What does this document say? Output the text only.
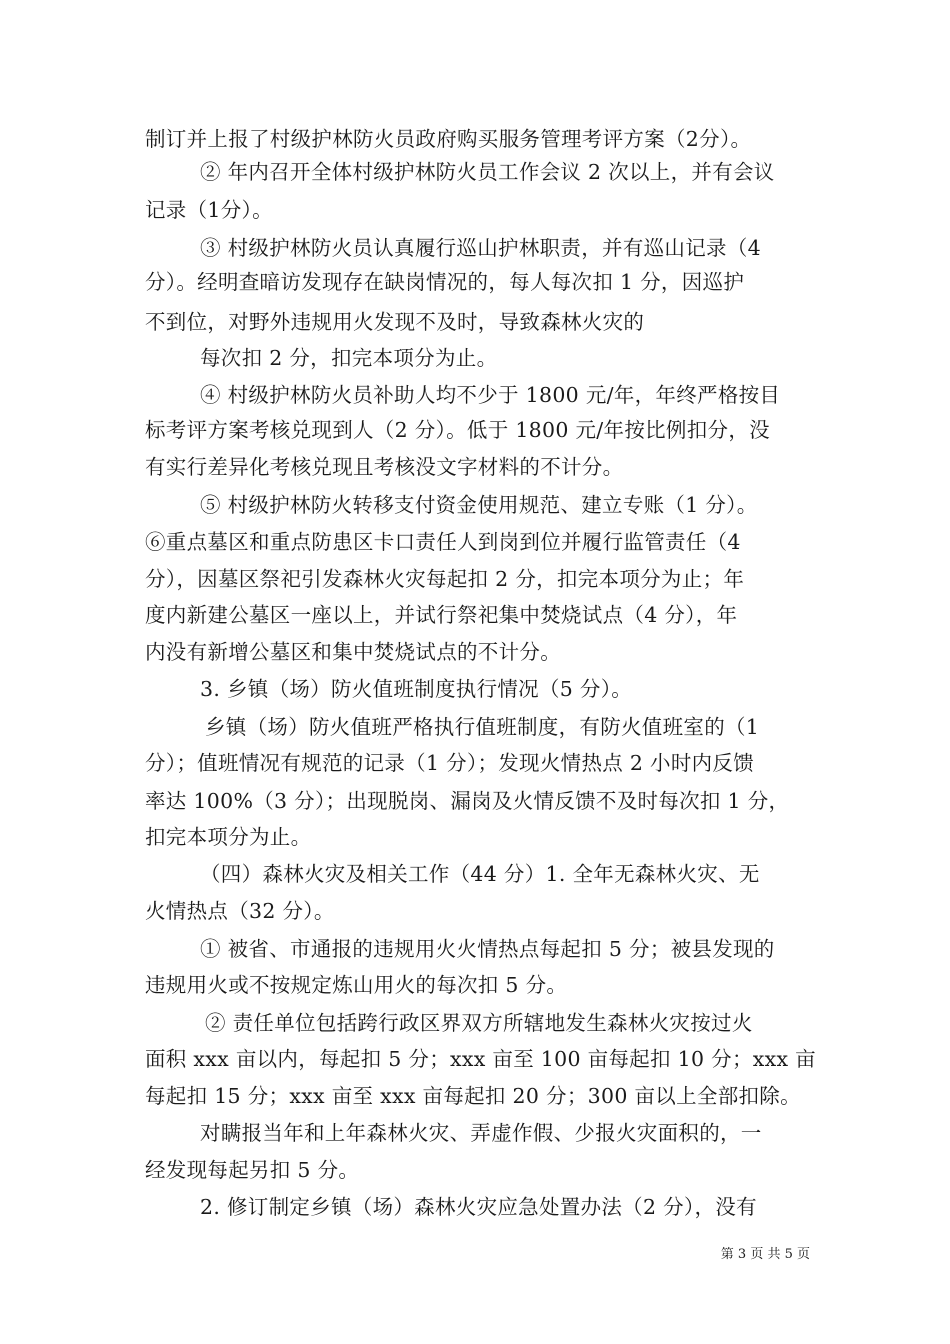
制订并上报了村级护林防火员政府购买服务管理考评方案（2分）。
② 年内召开全体村级护林防火员工作会议 2 次以上，并有会议
记录（1分）。
③ 村级护林防火员认真履行巡山护林职责，并有巡山记录（4
分）。经明查暗访发现存在缺岗情况的，每人每次扣 1 分，因巡护
不到位，对野外违规用火发现不及时，导致森林火灾的
每次扣 2 分，扣完本项分为止。
④ 村级护林防火员补助人均不少于 1800 元/年，年终严格按目
标考评方案考核兑现到人（2 分）。低于 1800 元/年按比例扣分，没
有实行差异化考核兑现且考核没文字材料的不计分。
⑤ 村级护林防火转移支付资金使用规范、建立专账（1 分）。
⑥重点墓区和重点防患区卡口责任人到岗到位并履行监管责任（4
分），因墓区祭祀引发森林火灾每起扣 2 分，扣完本项分为止；年
度内新建公墓区一座以上，并试行祭祀集中焚烧试点（4 分），年
内没有新增公墓区和集中焚烧试点的不计分。
3. 乡镇（场）防火值班制度执行情况（5 分）。
乡镇（场）防火值班严格执行值班制度，有防火值班室的（1
分）；值班情况有规范的记录（1 分）；发现火情热点 2 小时内反馈
率达 100%（3 分）；出现脱岗、漏岗及火情反馈不及时每次扣 1 分，
扣完本项分为止。
（四）森林火灾及相关工作（44 分）1. 全年无森林火灾、无
火情热点（32 分）。
① 被省、市通报的违规用火火情热点每起扣 5 分；被县发现的
违规用火或不按规定炼山用火的每次扣 5 分。
② 责任单位包括跨行政区界双方所辖地发生森林火灾按过火
面积 xxx 亩以内，每起扣 5 分；xxx 亩至 100 亩每起扣 10 分；xxx 亩
每起扣 15 分；xxx 亩至 xxx 亩每起扣 20 分；300 亩以上全部扣除。
对瞒报当年和上年森林火灾、弄虚作假、少报火灾面积的，一
经发现每起另扣 5 分。
2. 修订制定乡镇（场）森林火灾应急处置办法（2 分），没有
第 3 页 共 5 页
